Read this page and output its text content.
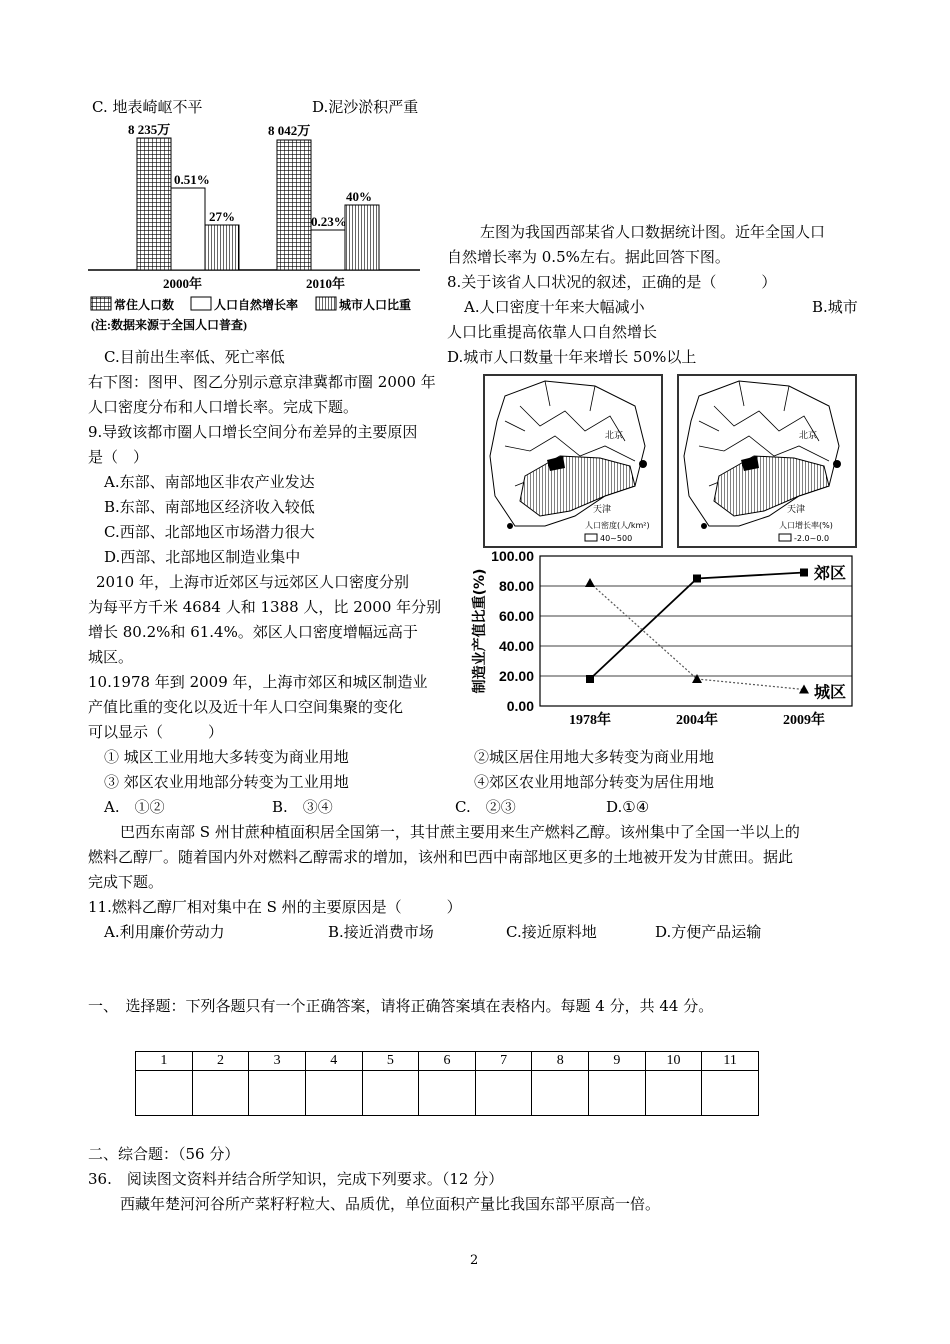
C. 地表崎岖不平	D.泥沙淤积严重
8 235万
0.51%
27%
8 042万
0.23%
40%
2000年	2010年
常住人口数	人口自然增长率	城市人口比重
(注:数据来源于全国人口普查)
左图为我国西部某省人口数据统计图。近年全国人口
自然增长率为 0.5%左右。据此回答下图。
8.关于该省人口状况的叙述，正确的是（　　　）
A.人口密度十年来大幅减小	B.城市
人口比重提高依靠人口自然增长
C.目前出生率低、死亡率低	D.城市人口数量十年来增长 50%以上
右下图：图甲、图乙分别示意京津冀都市圈 2000 年
人口密度分布和人口增长率。完成下题。
9.导致该都市圈人口增长空间分布差异的主要原因
是（　）
A.东部、南部地区非农产业发达
B.东部、南部地区经济收入较低
C.西部、北部地区市场潜力很大
D.西部、北部地区制造业集中
北京
天津
人口密度(人/km²)
40~500
北京
天津
人口增长率(%)
-2.0~0.0
2010 年，上海市近郊区与远郊区人口密度分别
为每平方千米 4684 人和 1388 人，比 2000 年分别
增长 80.2%和 61.4%。郊区人口密度增幅远高于
城区。
10.1978 年到 2009 年，上海市郊区和城区制造业
产值比重的变化以及近十年人口空间集聚的变化
可以显示（　　　）
0.00
20.00
40.00
60.00
80.00
100.00
1978年	2004年	2009年
制造业产值比重(%)	郊区
城区
① 城区工业用地大多转变为商业用地	②城区居住用地大多转变为商业用地
③ 郊区农业用地部分转变为工业用地	④郊区农业用地部分转变为居住用地
A.　①②	B.　③④	C.　②③	D.①④
巴西东南部 S 州甘蔗种植面积居全国第一，其甘蔗主要用来生产燃料乙醇。该州集中了全国一半以上的
燃料乙醇厂。随着国内外对燃料乙醇需求的增加，该州和巴西中南部地区更多的土地被开发为甘蔗田。据此
完成下题。
11.燃料乙醇厂相对集中在 S 州的主要原因是（　　　）
A.利用廉价劳动力	B.接近消费市场	C.接近原料地	D.方便产品运输
一、　选择题：下列各题只有一个正确答案，请将正确答案填在表格内。每题 4 分，共 44 分。
1	2	3	4	5	6	7	8	9	10	11

二、综合题：（56 分）
36.　阅读图文资料并结合所学知识，完成下列要求。（12 分）
西藏年楚河河谷所产菜籽籽粒大、品质优，单位面积产量比我国东部平原高一倍。
2
